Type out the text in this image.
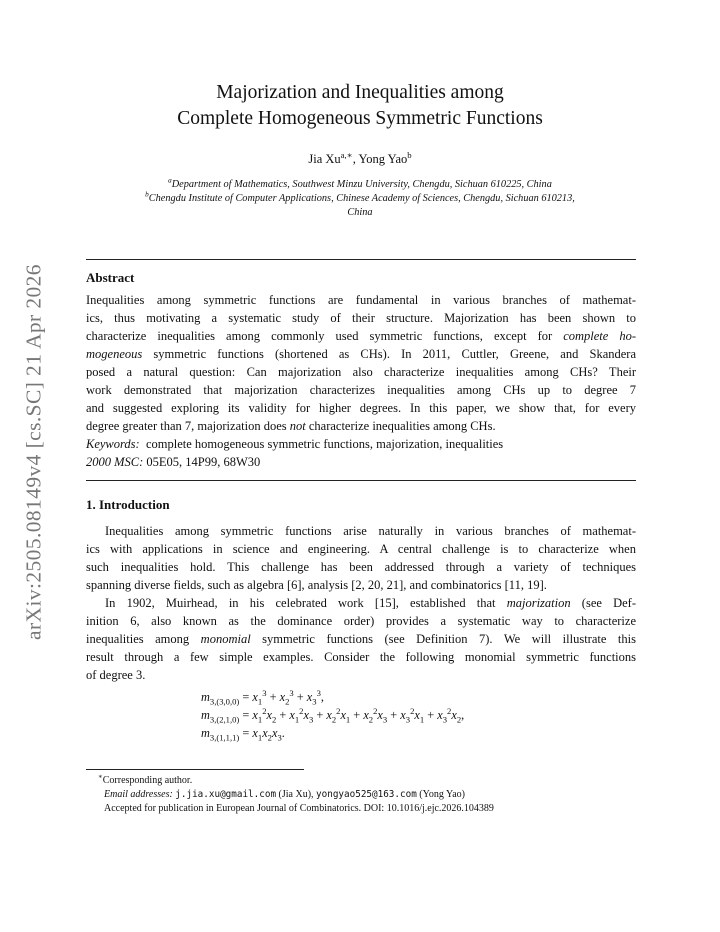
arXiv:2505.08149v4 [cs.SC] 21 Apr 2026
Majorization and Inequalities among
Complete Homogeneous Symmetric Functions
Jia $Xu^{a,∗}$, Yong Yao$^b$
$^a$Department of Mathematics, Southwest Minzu University, Chengdu, Sichuan 610225, China
$^b$Chengdu Institute of Computer Applications, Chinese Academy of Sciences, Chengdu, Sichuan 610213,
China
Abstract
Inequalities among symmetric functions are fundamental in various branches of mathemat-
ics, thus motivating a systematic study of their structure. Majorization has been shown to
characterize inequalities among commonly used symmetric functions, except for complete ho-
mogeneous symmetric functions (shortened as CHs). In 2011, Cuttler, Greene, and Skandera
posed a natural question: Can majorization also characterize inequalities among CHs? Their
work demonstrated that majorization characterizes inequalities among CHs up to degree 7
and suggested exploring its validity for higher degrees. In this paper, we show that, for every
degree greater than 7, majorization does not characterize inequalities among CHs.
Keywords: complete homogeneous symmetric functions, majorization, inequalities
2000 MSC: 05E05, 14P99, 68W30
1. Introduction
Inequalities among symmetric functions arise naturally in various branches of mathemat-
ics with applications in science and engineering. A central challenge is to characterize when
such inequalities hold. This challenge has been addressed through a variety of techniques
spanning diverse fields, such as algebra [6], analysis [2, 20, 21], and combinatorics [11, 19].
In 1902, Muirhead, in his celebrated work [15], established that majorization (see Def-
inition 6, also known as the dominance order) provides a systematic way to characterize
inequalities among monomial symmetric functions (see Definition 7). We will illustrate this
result through a few simple examples. Consider the following monomial symmetric functions
of degree 3.
$m_{3,(3,0,0)} = x_1^3 + x_2^3 + x_3^3$,
$m_{3,(2,1,0)} = x_1^2x_2 + x_1^2x_3 + x_2^2x_1 + x_2^2x_3 + x_3^2x_1 + x_3^2x_2$,
$m_{3,(1,1,1)} = x_1x_2x_3$.
∗Corresponding author.
Email addresses: j.jia.xu@gmail.com (Jia Xu), yongyao525@163.com (Yong Yao)
Accepted for publication in European Journal of Combinatorics. DOI: 10.1016/j.ejc.2026.104389
